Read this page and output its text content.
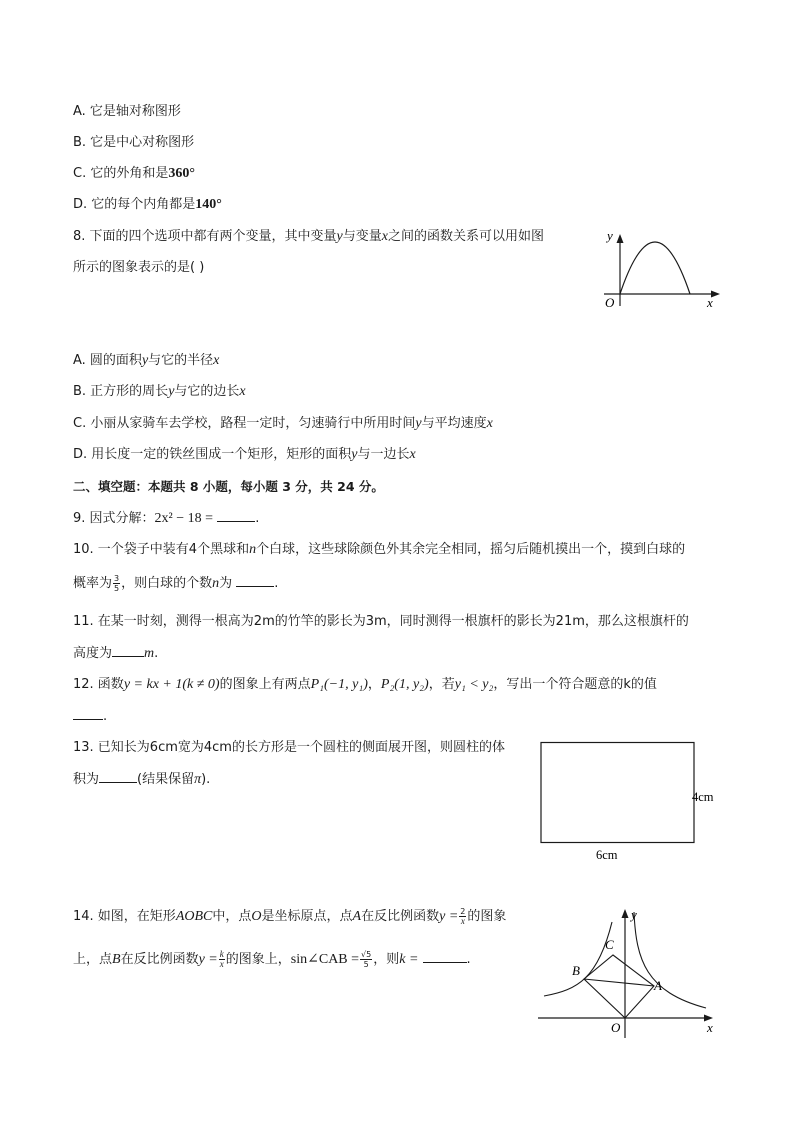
A. 它是轴对称图形
B. 它是中心对称图形
C. 它的外角和是360°
D. 它的每个内角都是140°
8. 下面的四个选项中都有两个变量，其中变量y与变量x之间的函数关系可以用如图
所示的图象表示的是( )
y
x
O
A. 圆的面积y与它的半径x
B. 正方形的周长y与它的边长x
C. 小丽从家骑车去学校，路程一定时，匀速骑行中所用时间y与平均速度x
D. 用长度一定的铁丝围成一个矩形，矩形的面积y与一边长x
二、填空题：本题共 8 小题，每小题 3 分，共 24 分。
9. 因式分解：2x² − 18 =	.
10. 一个袋子中装有4个黑球和n个白球，这些球除颜色外其余完全相同，摇匀后随机摸出一个，摸到白球的
概率为 $\frac{3}{5}$ ，则白球的个数n为	.
11. 在某一时刻，测得一根高为2m的竹竿的影长为3m，同时测得一根旗杆的影长为21m，那么这根旗杆的
高度为 m.
12. 函数y = kx + 1(k ≠ 0)的图象上有两点P₁(−1, y₁)，P₂(1, y₂)，若y₁ < y₂，写出一个符合题意的k的值
.
13. 已知长为6cm宽为4cm的长方形是一个圆柱的侧面展开图，则圆柱的体
积为	(结果保留π).
4cm
6cm
14. 如图，在矩形AOBC中，点O是坐标原点，点A在反比例函数$y = \frac{2}{x}$ 的图象
上，点B在反比例函数$y = \frac{k}{x}$ 的图象上，sin∠CAB = $\frac{√5}{5}$ ，则k =	.
C
B
A
O
y
x
